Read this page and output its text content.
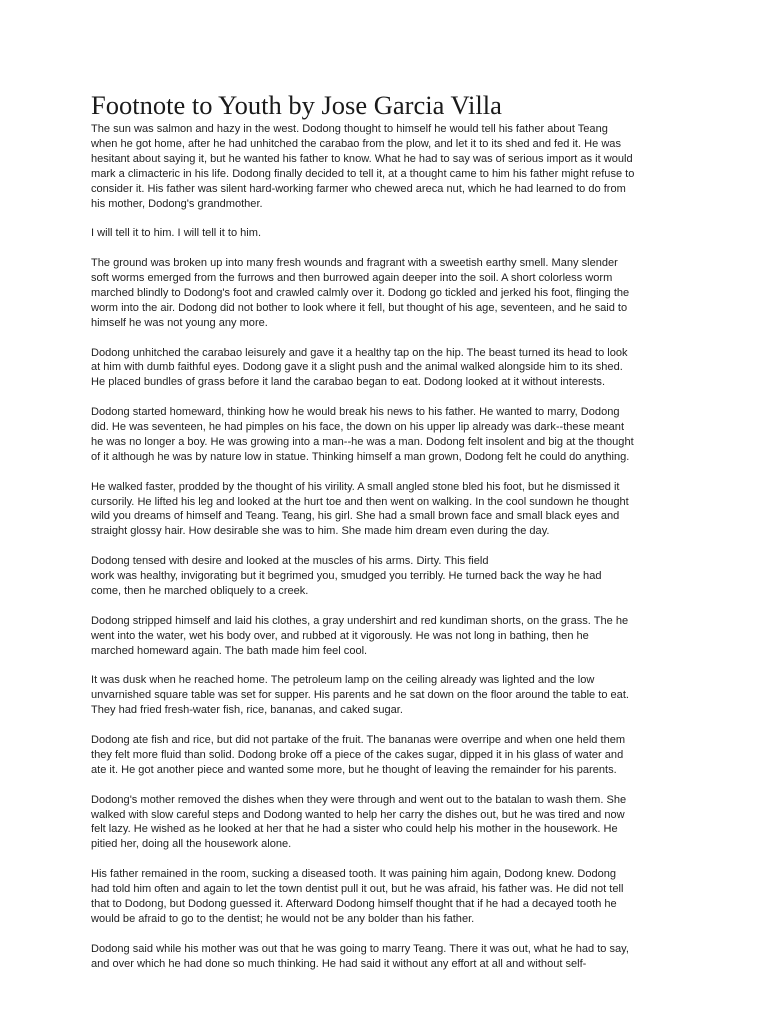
Footnote to Youth by Jose Garcia Villa

The sun was salmon and hazy in the west. Dodong thought to himself he would tell his father about Teang
when he got home, after he had unhitched the carabao from the plow, and let it to its shed and fed it. He was
hesitant about saying it, but he wanted his father to know. What he had to say was of serious import as it would
mark a climacteric in his life. Dodong finally decided to tell it, at a thought came to him his father might refuse to
consider it. His father was silent hard-working farmer who chewed areca nut, which he had learned to do from
his mother, Dodong's grandmother.

I will tell it to him. I will tell it to him.

The ground was broken up into many fresh wounds and fragrant with a sweetish earthy smell. Many slender
soft worms emerged from the furrows and then burrowed again deeper into the soil. A short colorless worm
marched blindly to Dodong's foot and crawled calmly over it. Dodong go tickled and jerked his foot, flinging the
worm into the air. Dodong did not bother to look where it fell, but thought of his age, seventeen, and he said to
himself he was not young any more.

Dodong unhitched the carabao leisurely and gave it a healthy tap on the hip. The beast turned its head to look
at him with dumb faithful eyes. Dodong gave it a slight push and the animal walked alongside him to its shed.
He placed bundles of grass before it land the carabao began to eat. Dodong looked at it without interests.

Dodong started homeward, thinking how he would break his news to his father. He wanted to marry, Dodong
did. He was seventeen, he had pimples on his face, the down on his upper lip already was dark--these meant
he was no longer a boy. He was growing into a man--he was a man. Dodong felt insolent and big at the thought
of it although he was by nature low in statue. Thinking himself a man grown, Dodong felt he could do anything.

He walked faster, prodded by the thought of his virility. A small angled stone bled his foot, but he dismissed it
cursorily. He lifted his leg and looked at the hurt toe and then went on walking. In the cool sundown he thought
wild you dreams of himself and Teang. Teang, his girl. She had a small brown face and small black eyes and
straight glossy hair. How desirable she was to him. She made him dream even during the day.

Dodong tensed with desire and looked at the muscles of his arms. Dirty. This field
work was healthy, invigorating but it begrimed you, smudged you terribly. He turned back the way he had
come, then he marched obliquely to a creek.

Dodong stripped himself and laid his clothes, a gray undershirt and red kundiman shorts, on the grass. The he
went into the water, wet his body over, and rubbed at it vigorously. He was not long in bathing, then he
marched homeward again. The bath made him feel cool.

It was dusk when he reached home. The petroleum lamp on the ceiling already was lighted and the low
unvarnished square table was set for supper. His parents and he sat down on the floor around the table to eat.
They had fried fresh-water fish, rice, bananas, and caked sugar.

Dodong ate fish and rice, but did not partake of the fruit. The bananas were overripe and when one held them
they felt more fluid than solid. Dodong broke off a piece of the cakes sugar, dipped it in his glass of water and
ate it. He got another piece and wanted some more, but he thought of leaving the remainder for his parents.

Dodong's mother removed the dishes when they were through and went out to the batalan to wash them. She
walked with slow careful steps and Dodong wanted to help her carry the dishes out, but he was tired and now
felt lazy. He wished as he looked at her that he had a sister who could help his mother in the housework. He
pitied her, doing all the housework alone.

His father remained in the room, sucking a diseased tooth. It was paining him again, Dodong knew. Dodong
had told him often and again to let the town dentist pull it out, but he was afraid, his father was. He did not tell
that to Dodong, but Dodong guessed it. Afterward Dodong himself thought that if he had a decayed tooth he
would be afraid to go to the dentist; he would not be any bolder than his father.

Dodong said while his mother was out that he was going to marry Teang. There it was out, what he had to say,
and over which he had done so much thinking. He had said it without any effort at all and without self-
